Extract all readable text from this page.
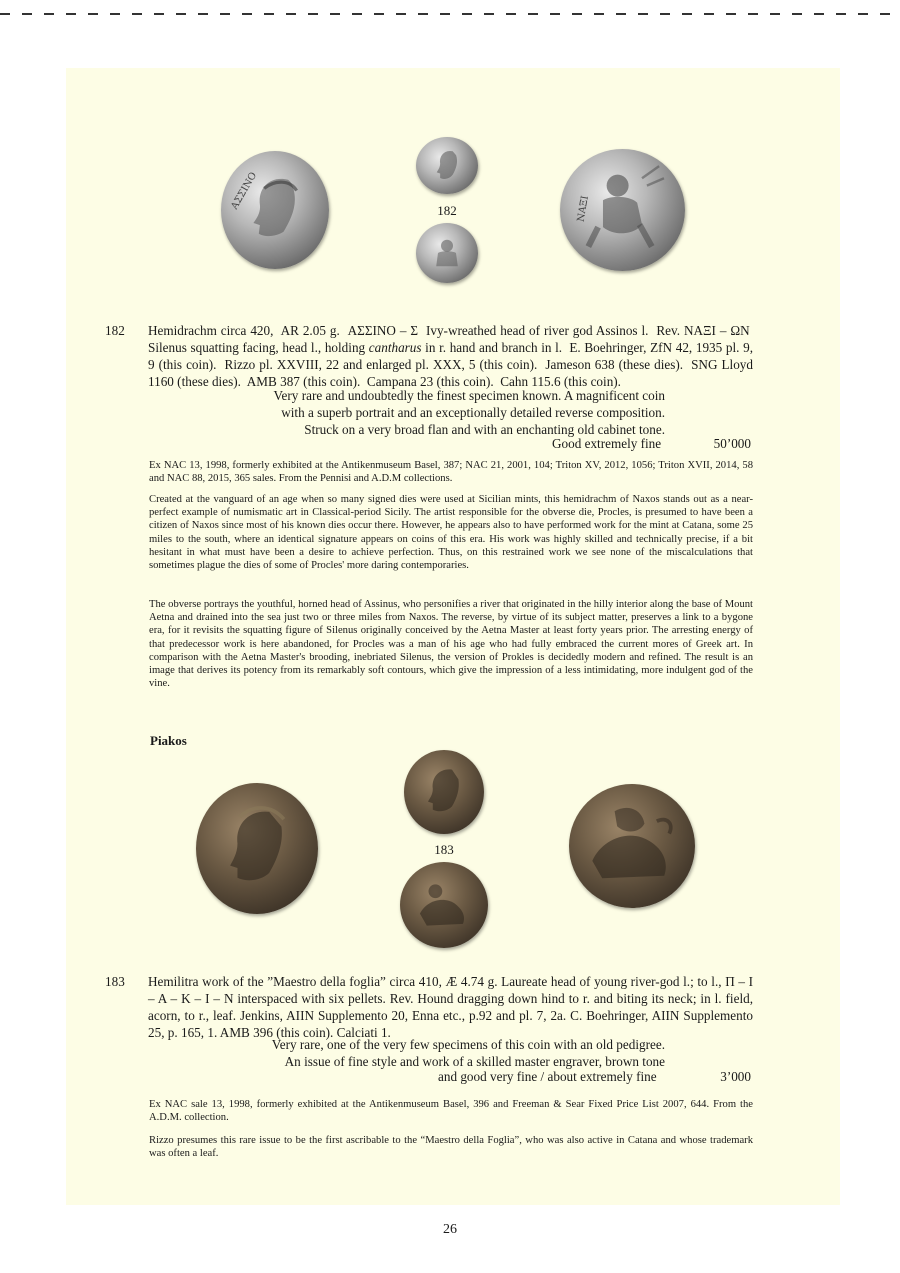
ΑΣΣΙΝΟ	182	ΝΑΞΙ
182	Hemidrachm circa 420,  AR 2.05 g.  ΑΣΣΙΝΟ – Σ  Ivy-wreathed head of river god Assinos l.  Rev. ΝΑΞΙ – ΩΝ  Silenus squatting facing, head l., holding cantharus in r. hand and branch in l.  E. Boehringer, ZfN 42, 1935 pl. 9, 9 (this coin).  Rizzo pl. XXVIII, 22 and enlarged pl. XXX, 5 (this coin).  Jameson 638 (these dies).  SNG Lloyd 1160 (these dies).  AMB 387 (this coin).  Campana 23 (this coin).  Cahn 115.6 (this coin).
Very rare and undoubtedly the finest specimen known. A magnificent coin
with a superb portrait and an exceptionally detailed reverse composition.
Struck on a very broad flan and with an enchanting old cabinet tone.
Good extremely fine	50’000
Ex NAC 13, 1998, formerly exhibited at the Antikenmuseum Basel, 387; NAC 21, 2001, 104; Triton XV, 2012, 1056; Triton XVII, 2014, 58 and NAC 88, 2015, 365 sales. From the Pennisi and A.D.M collections.
Created at the vanguard of an age when so many signed dies were used at Sicilian mints, this hemidrachm of Naxos stands out as a near-perfect example of numismatic art in Classical-period Sicily. The artist responsible for the obverse die, Procles, is presumed to have been a citizen of Naxos since most of his known dies occur there. However, he appears also to have performed work for the mint at Catana, some 25 miles to the south, where an identical signature appears on coins of this era. His work was highly skilled and technically precise, if a bit hesitant in what must have been a desire to achieve perfection. Thus, on this restrained work we see none of the miscalculations that sometimes plague the dies of some of Procles' more daring contemporaries.
The obverse portrays the youthful, horned head of Assinus, who personifies a river that originated in the hilly interior along the base of Mount Aetna and drained into the sea just two or three miles from Naxos. The reverse, by virtue of its subject matter, preserves a link to a bygone era, for it revisits the squatting figure of Silenus originally conceived by the Aetna Master at least forty years prior. The arresting energy of that predecessor work is here abandoned, for Procles was a man of his age who had fully embraced the current mores of Greek art. In comparison with the Aetna Master's brooding, inebriated Silenus, the version of Prokles is decidedly modern and refined. The result is an image that derives its potency from its remarkably soft contours, which give the impression of a less intimidating, more indulgent god of the vine.
Piakos
183
183	Hemilitra work of the ”Maestro della foglia” circa 410, Æ 4.74 g. Laureate head of young river-god l.; to l., Π – Ι – Α – Κ – Ι – Ν interspaced with six pellets. Rev. Hound dragging down hind to r. and biting its neck; in l. field, acorn, to r., leaf. Jenkins, AIIN Supplemento 20, Enna etc., p.92 and pl. 7, 2a. C. Boehringer, AIIN Supplemento 25, p. 165, 1. AMB 396 (this coin). Calciati 1.
Very rare, one of the very few specimens of this coin with an old pedigree.
An issue of fine style and work of a skilled master engraver, brown tone
and good very fine / about extremely fine	3’000
Ex NAC sale 13, 1998, formerly exhibited at the Antikenmuseum Basel, 396 and Freeman & Sear Fixed Price List 2007, 644. From the A.D.M. collection.
Rizzo presumes this rare issue to be the first ascribable to the “Maestro della Foglia”, who was also active in Catana and whose trademark was often a leaf.
26
